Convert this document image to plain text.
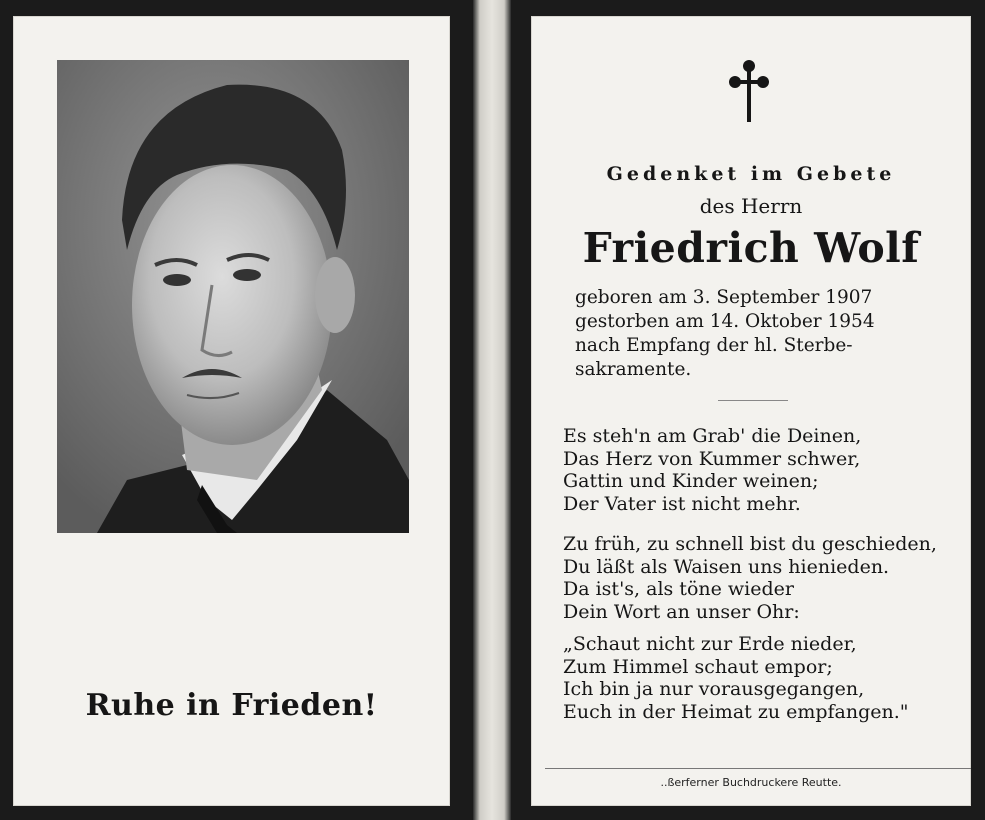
Ruhe in Frieden!
Gedenket im Gebete
des Herrn
Friedrich Wolf
geboren am 3. September 1907
gestorben am 14. Oktober 1954
nach Empfang der hl. Sterbe-
sakramente.
Es steh'n am Grab' die Deinen,
Das Herz von Kummer schwer,
Gattin und Kinder weinen;
Der Vater ist nicht mehr.
Zu früh, zu schnell bist du geschieden,
Du läßt als Waisen uns hienieden.
Da ist's, als töne wieder
Dein Wort an unser Ohr:
„Schaut nicht zur Erde nieder,
Zum Himmel schaut empor;
Ich bin ja nur vorausgegangen,
Euch in der Heimat zu empfangen."
..ßerferner Buchdruckere Reutte.
